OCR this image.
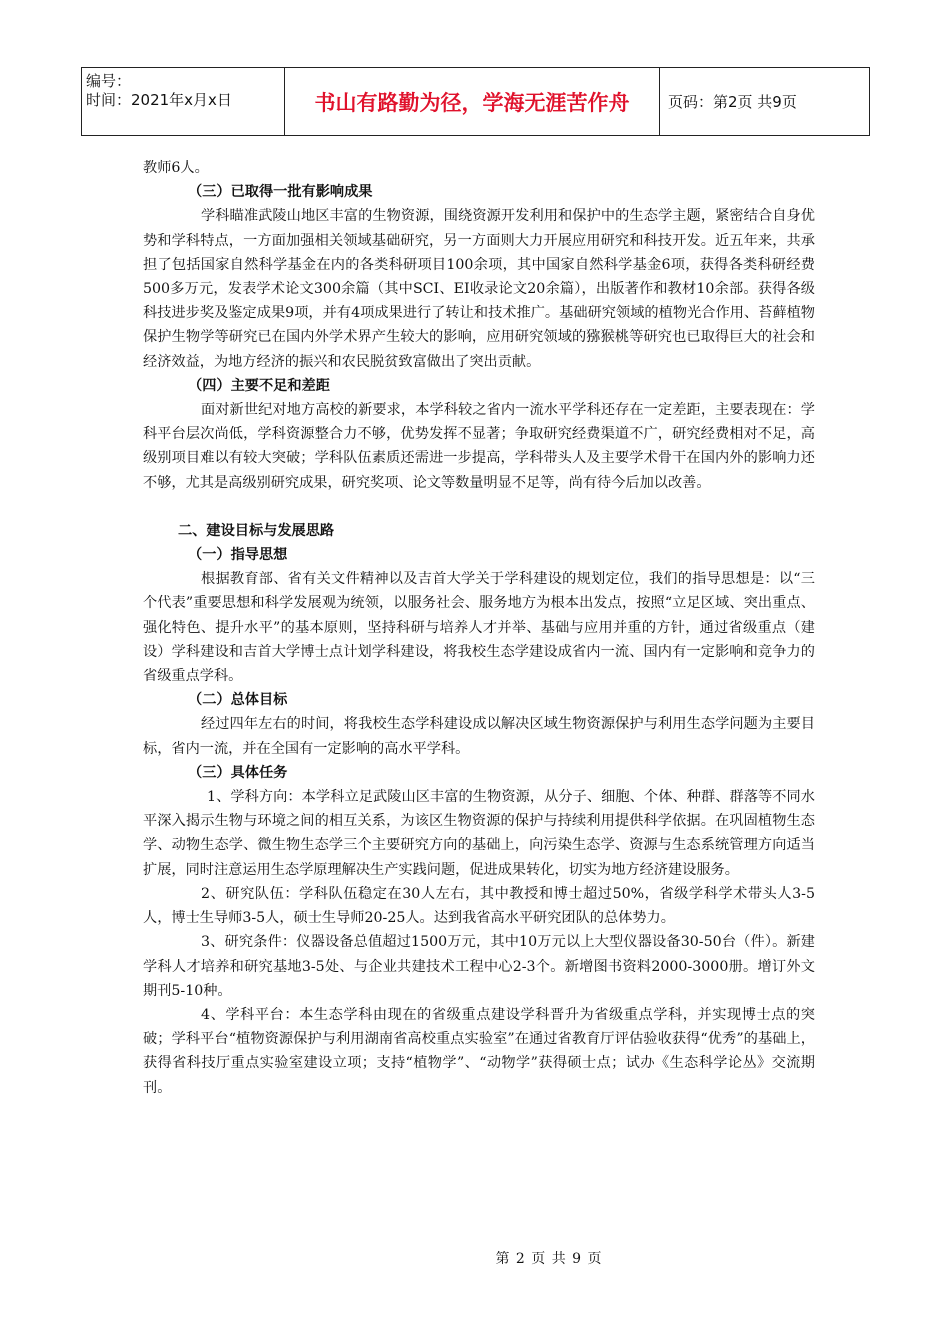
编号：
时间：2021年x月x日	书山有路勤为径，学海无涯苦作舟	页码：第2页 共9页

教师6人。

（三）已取得一批有影响成果

学科瞄准武陵山地区丰富的生物资源，围绕资源开发利用和保护中的生态学主题，紧密结合自身优势和学科特点，一方面加强相关领域基础研究，另一方面则大力开展应用研究和科技开发。近五年来，共承担了包括国家自然科学基金在内的各类科研项目100余项，其中国家自然科学基金6项，获得各类科研经费500多万元，发表学术论文300余篇（其中SCI、EI收录论文20余篇），出版著作和教材10余部。获得各级科技进步奖及鉴定成果9项，并有4项成果进行了转让和技术推广。基础研究领域的植物光合作用、苔藓植物保护生物学等研究已在国内外学术界产生较大的影响，应用研究领域的猕猴桃等研究也已取得巨大的社会和经济效益，为地方经济的振兴和农民脱贫致富做出了突出贡献。

（四）主要不足和差距

面对新世纪对地方高校的新要求，本学科较之省内一流水平学科还存在一定差距，主要表现在：学科平台层次尚低，学科资源整合力不够，优势发挥不显著；争取研究经费渠道不广，研究经费相对不足，高级别项目难以有较大突破；学科队伍素质还需进一步提高，学科带头人及主要学术骨干在国内外的影响力还不够，尤其是高级别研究成果，研究奖项、论文等数量明显不足等，尚有待今后加以改善。

二、建设目标与发展思路

（一）指导思想

根据教育部、省有关文件精神以及吉首大学关于学科建设的规划定位，我们的指导思想是：以“三个代表”重要思想和科学发展观为统领，以服务社会、服务地方为根本出发点，按照“立足区域、突出重点、强化特色、提升水平”的基本原则，坚持科研与培养人才并举、基础与应用并重的方针，通过省级重点（建设）学科建设和吉首大学博士点计划学科建设，将我校生态学建设成省内一流、国内有一定影响和竞争力的省级重点学科。

（二）总体目标

经过四年左右的时间，将我校生态学科建设成以解决区域生物资源保护与利用生态学问题为主要目标，省内一流，并在全国有一定影响的高水平学科。

（三）具体任务

1、学科方向：本学科立足武陵山区丰富的生物资源，从分子、细胞、个体、种群、群落等不同水平深入揭示生物与环境之间的相互关系，为该区生物资源的保护与持续利用提供科学依据。在巩固植物生态学、动物生态学、微生物生态学三个主要研究方向的基础上，向污染生态学、资源与生态系统管理方向适当扩展，同时注意运用生态学原理解决生产实践问题，促进成果转化，切实为地方经济建设服务。

2、研究队伍：学科队伍稳定在30人左右，其中教授和博士超过50%，省级学科学术带头人3-5人，博士生导师3-5人，硕士生导师20-25人。达到我省高水平研究团队的总体势力。

3、研究条件：仪器设备总值超过1500万元，其中10万元以上大型仪器设备30-50台（件）。新建学科人才培养和研究基地3-5处、与企业共建技术工程中心2-3个。新增图书资料2000-3000册。增订外文期刊5-10种。

4、学科平台：本生态学科由现在的省级重点建设学科晋升为省级重点学科，并实现博士点的突破；学科平台“植物资源保护与利用湖南省高校重点实验室”在通过省教育厅评估验收获得“优秀”的基础上，获得省科技厅重点实验室建设立项；支持“植物学”、“动物学”获得硕士点；试办《生态科学论丛》交流期刊。

第 2 页 共 9 页
